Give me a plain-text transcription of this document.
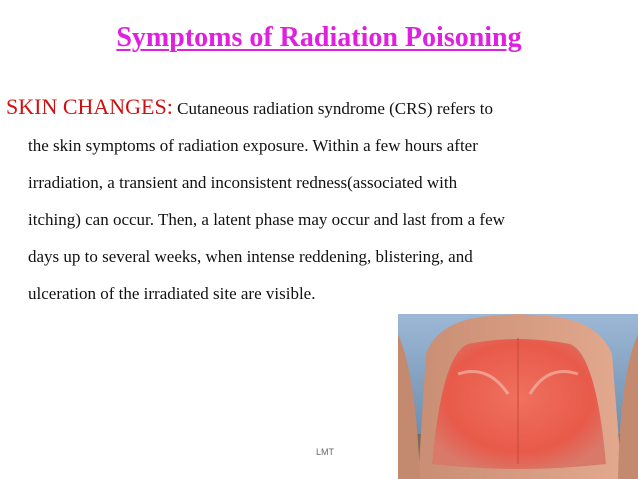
Symptoms of Radiation Poisoning
SKIN CHANGES: Cutaneous radiation syndrome (CRS) refers to
the skin symptoms of radiation exposure. Within a few hours after
irradiation, a transient and inconsistent redness(associated with
itching) can occur. Then, a latent phase may occur and last from a few
days up to several weeks, when intense reddening, blistering, and
ulceration of the irradiated site are visible.
LMT
